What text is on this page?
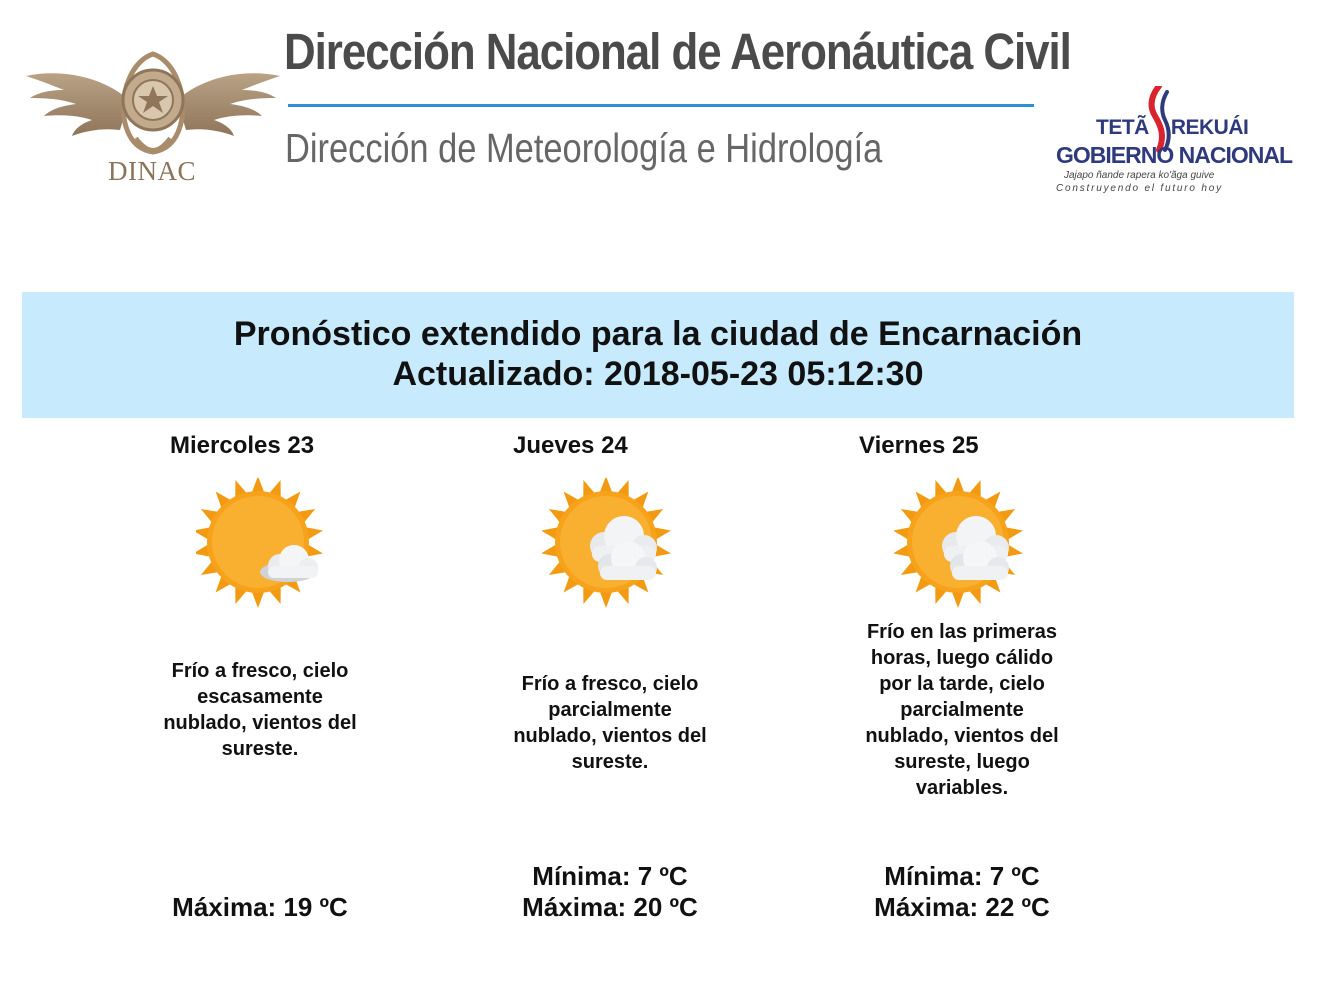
DINAC
Dirección Nacional de Aeronáutica Civil
Dirección de Meteorología e Hidrología	TETÃ REKUÁI
GOBIERNO NACIONAL
Jajapo ñande rapera ko'ãga guive
Construyendo el futuro hoy
Pronóstico extendido para la ciudad de Encarnación
Actualizado: 2018-05-23 05:12:30
Miercoles 23
Frío a fresco, cielo escasamente nublado, vientos del sureste.
Máxima: 19 ºC
Jueves 24
Frío a fresco, cielo parcialmente nublado, vientos del sureste.
Mínima: 7 ºC
Máxima: 20 ºC
Viernes 25
Frío en las primeras horas, luego cálido por la tarde, cielo parcialmente nublado, vientos del sureste, luego variables.
Mínima: 7 ºC
Máxima: 22 ºC
